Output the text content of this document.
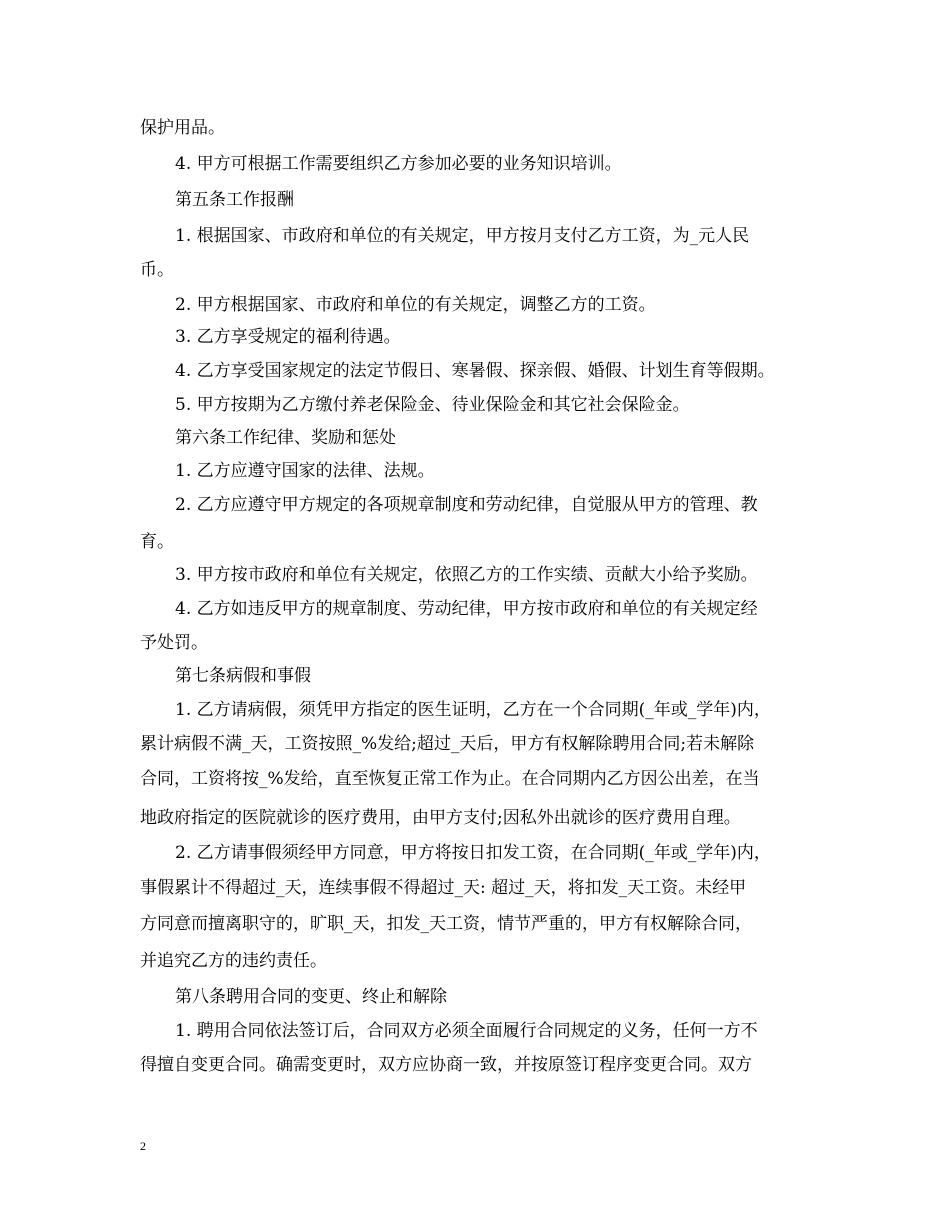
保护用品。
4. 甲方可根据工作需要组织乙方参加必要的业务知识培训。
第五条工作报酬
1. 根据国家、市政府和单位的有关规定，甲方按月支付乙方工资，为_元人民
币。
2. 甲方根据国家、市政府和单位的有关规定，调整乙方的工资。
3. 乙方享受规定的福利待遇。
4. 乙方享受国家规定的法定节假日、寒暑假、探亲假、婚假、计划生育等假期。
5. 甲方按期为乙方缴付养老保险金、待业保险金和其它社会保险金。
第六条工作纪律、奖励和惩处
1. 乙方应遵守国家的法律、法规。
2. 乙方应遵守甲方规定的各项规章制度和劳动纪律，自觉服从甲方的管理、教
育。
3. 甲方按市政府和单位有关规定，依照乙方的工作实绩、贡献大小给予奖励。
4. 乙方如违反甲方的规章制度、劳动纪律，甲方按市政府和单位的有关规定经
予处罚。
第七条病假和事假
1. 乙方请病假，须凭甲方指定的医生证明，乙方在一个合同期(_年或_学年)内，
累计病假不满_天，工资按照_%发给;超过_天后，甲方有权解除聘用合同;若未解除
合同，工资将按_%发给，直至恢复正常工作为止。在合同期内乙方因公出差，在当
地政府指定的医院就诊的医疗费用，由甲方支付;因私外出就诊的医疗费用自理。
2. 乙方请事假须经甲方同意，甲方将按日扣发工资，在合同期(_年或_学年)内，
事假累计不得超过_天，连续事假不得超过_天: 超过_天，将扣发_天工资。未经甲
方同意而擅离职守的，旷职_天，扣发_天工资，情节严重的，甲方有权解除合同，
并追究乙方的违约责任。
第八条聘用合同的变更、终止和解除
1. 聘用合同依法签订后，合同双方必须全面履行合同规定的义务，任何一方不
得擅自变更合同。确需变更时，双方应协商一致，并按原签订程序变更合同。双方
2
